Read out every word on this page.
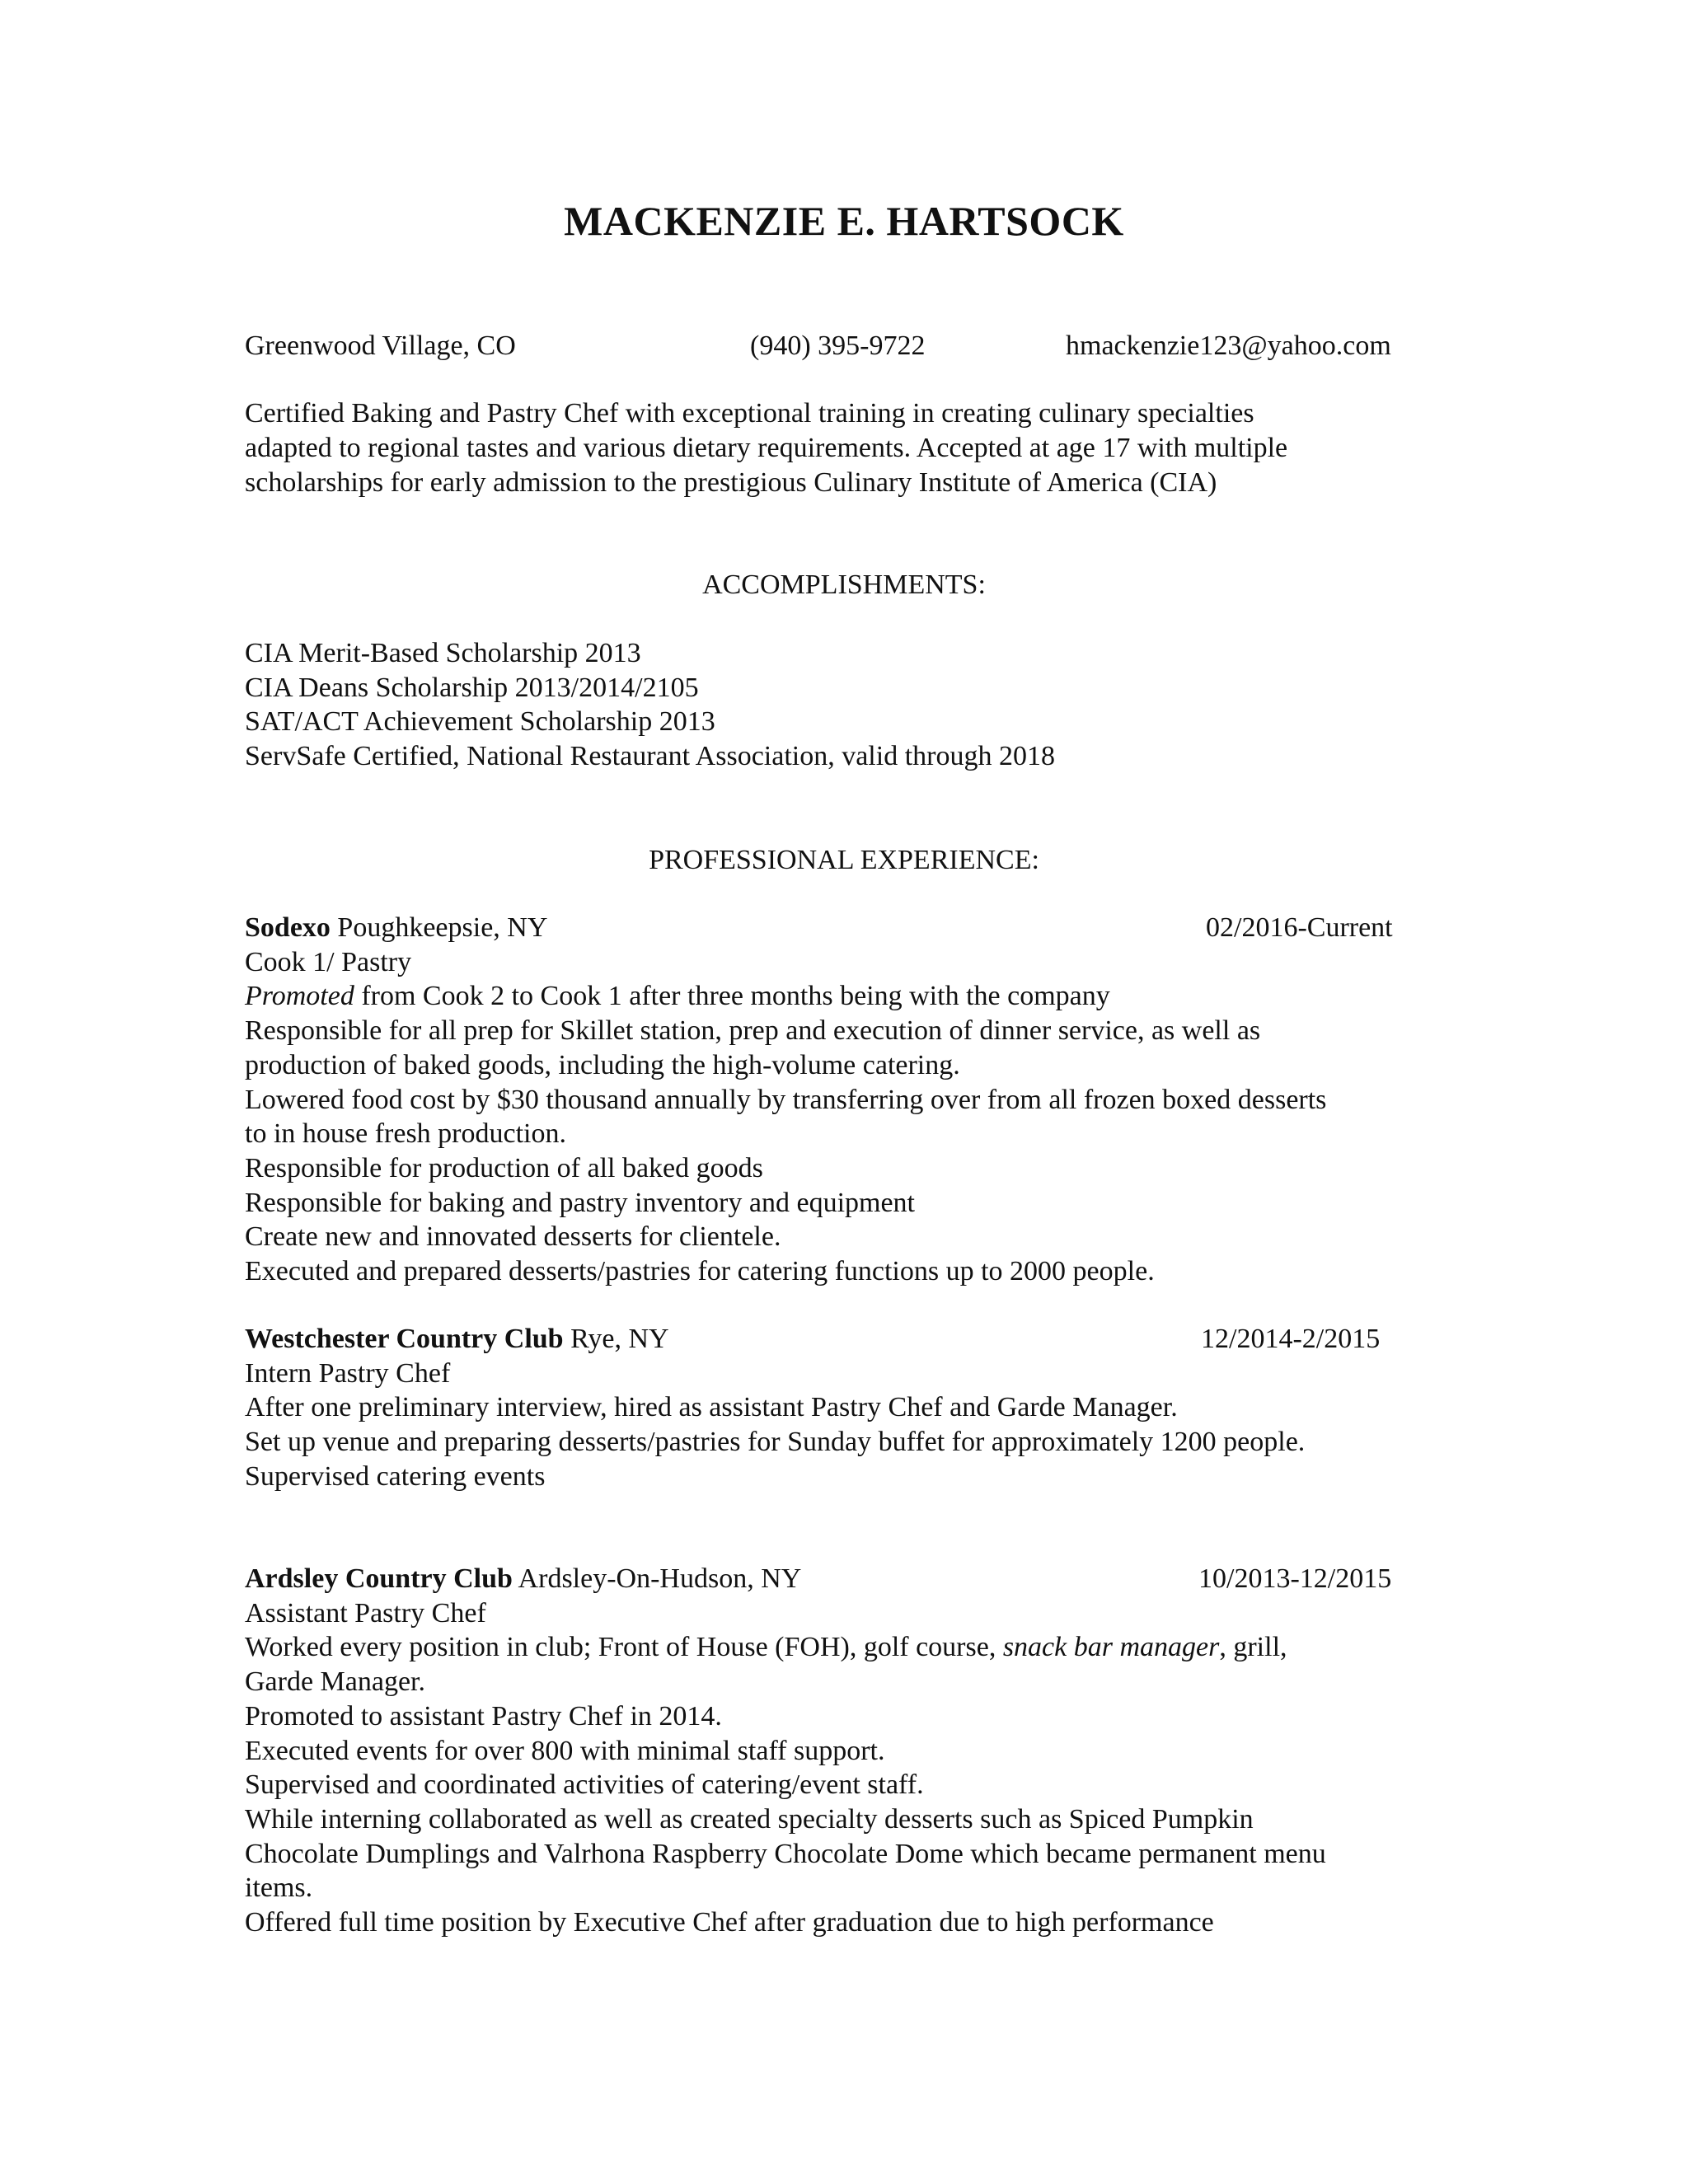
MACKENZIE E. HARTSOCK
Greenwood Village, CO	(940) 395-9722	hmackenzie123@yahoo.com
Certified Baking and Pastry Chef with exceptional training in creating culinary specialties
adapted to regional tastes and various dietary requirements. Accepted at age 17 with multiple
scholarships for early admission to the prestigious Culinary Institute of America (CIA)
ACCOMPLISHMENTS:
CIA Merit-Based Scholarship 2013
CIA Deans Scholarship 2013/2014/2105
SAT/ACT Achievement Scholarship 2013
ServSafe Certified, National Restaurant Association, valid through 2018
PROFESSIONAL EXPERIENCE:
Sodexo Poughkeepsie, NY	02/2016-Current
Cook 1/ Pastry
Promoted from Cook 2 to Cook 1 after three months being with the company
Responsible for all prep for Skillet station, prep and execution of dinner service, as well as
production of baked goods, including the high-volume catering.
Lowered food cost by $30 thousand annually by transferring over from all frozen boxed desserts
to in house fresh production.
Responsible for production of all baked goods
Responsible for baking and pastry inventory and equipment
Create new and innovated desserts for clientele.
Executed and prepared desserts/pastries for catering functions up to 2000 people.
Westchester Country Club Rye, NY	12/2014-2/2015
Intern Pastry Chef
After one preliminary interview, hired as assistant Pastry Chef and Garde Manager.
Set up venue and preparing desserts/pastries for Sunday buffet for approximately 1200 people.
Supervised catering events
Ardsley Country Club Ardsley-On-Hudson, NY	10/2013-12/2015
Assistant Pastry Chef
Worked every position in club; Front of House (FOH), golf course, snack bar manager, grill,
Garde Manager.
Promoted to assistant Pastry Chef in 2014.
Executed events for over 800 with minimal staff support.
Supervised and coordinated activities of catering/event staff.
While interning collaborated as well as created specialty desserts such as Spiced Pumpkin
Chocolate Dumplings and Valrhona Raspberry Chocolate Dome which became permanent menu
items.
Offered full time position by Executive Chef after graduation due to high performance
